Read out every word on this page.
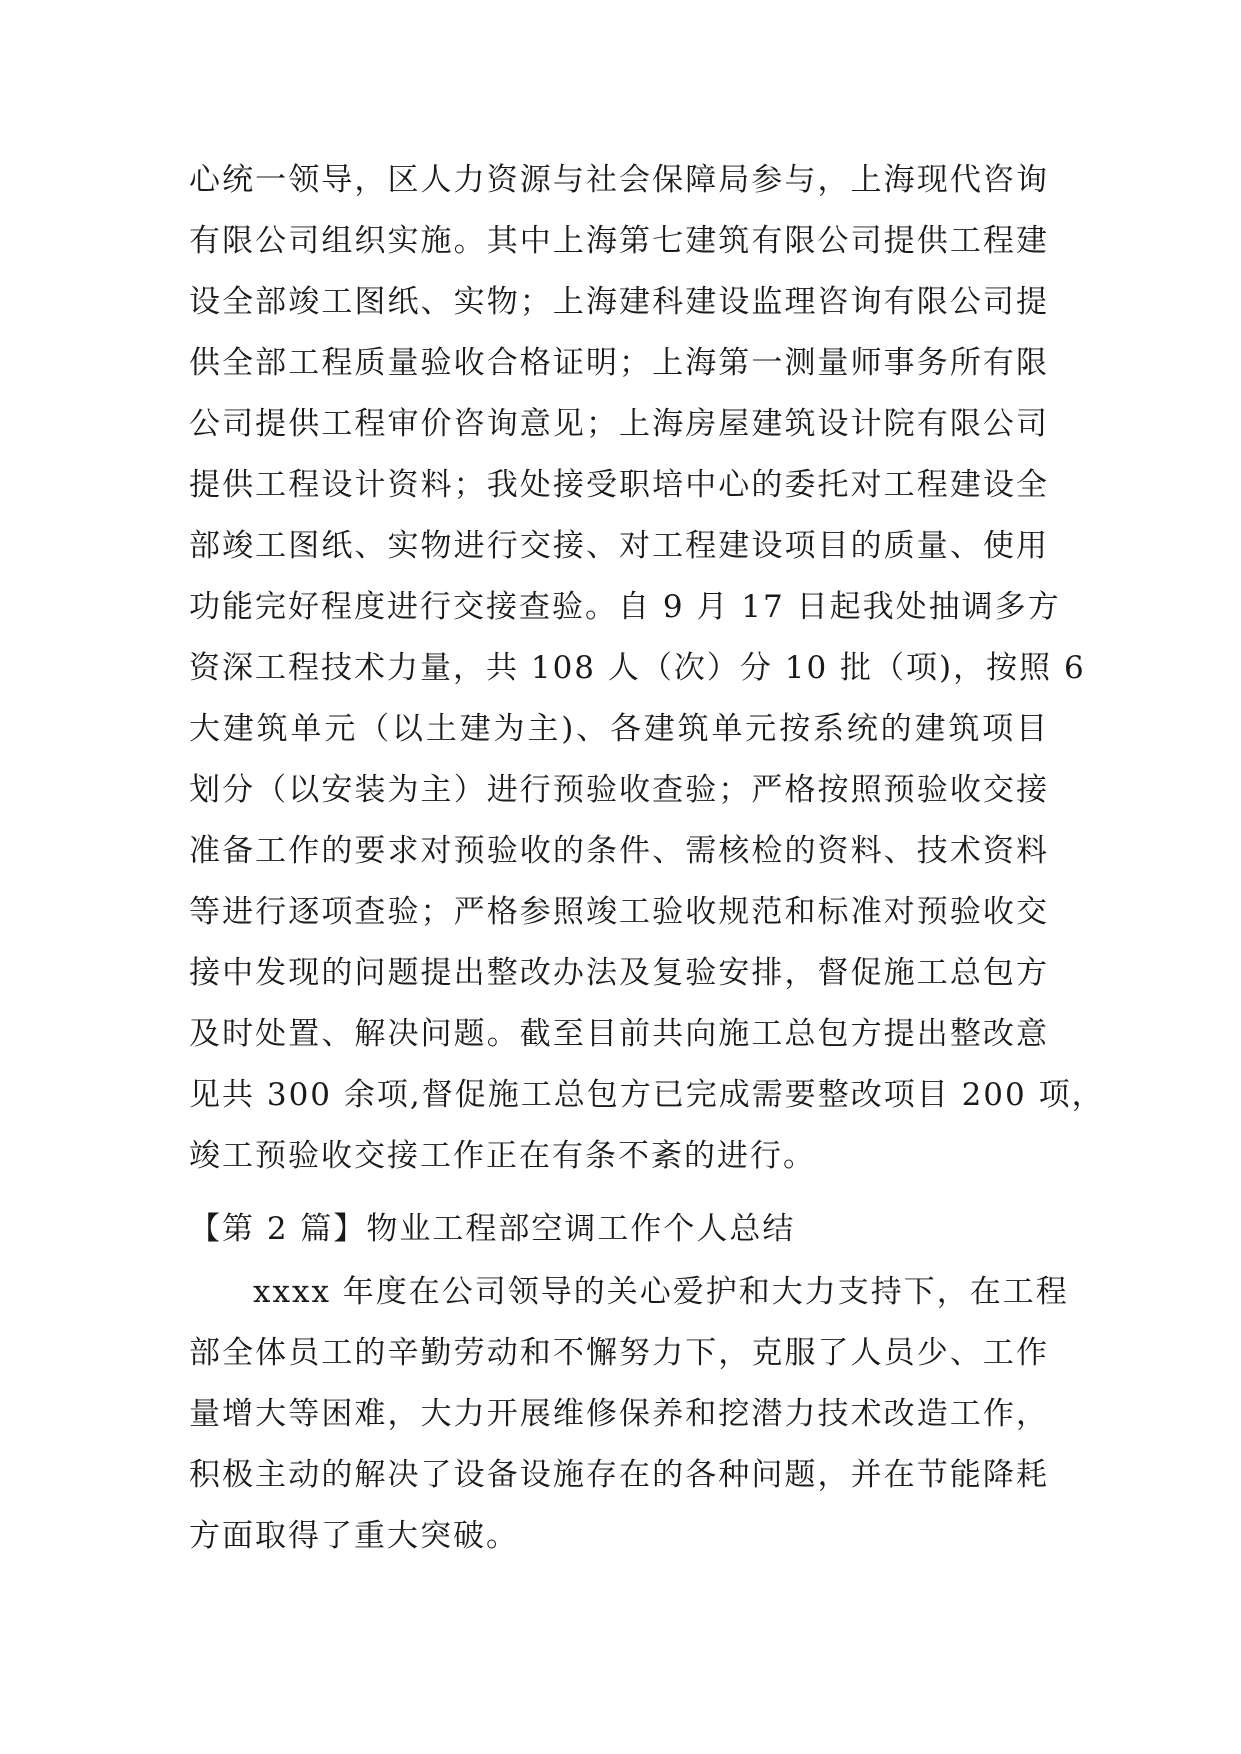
心统一领导，区人力资源与社会保障局参与，上海现代咨询
有限公司组织实施。其中上海第七建筑有限公司提供工程建
设全部竣工图纸、实物；上海建科建设监理咨询有限公司提
供全部工程质量验收合格证明；上海第一测量师事务所有限
公司提供工程审价咨询意见；上海房屋建筑设计院有限公司
提供工程设计资料；我处接受职培中心的委托对工程建设全
部竣工图纸、实物进行交接、对工程建设项目的质量、使用
功能完好程度进行交接查验。自 9 月 17 日起我处抽调多方
资深工程技术力量，共 108 人（次）分 10 批（项)，按照 6
大建筑单元（以土建为主)、各建筑单元按系统的建筑项目
划分（以安装为主）进行预验收查验；严格按照预验收交接
准备工作的要求对预验收的条件、需核检的资料、技术资料
等进行逐项查验；严格参照竣工验收规范和标准对预验收交
接中发现的问题提出整改办法及复验安排，督促施工总包方
及时处置、解决问题。截至目前共向施工总包方提出整改意
见共 300 余项,督促施工总包方已完成需要整改项目 200 项，
竣工预验收交接工作正在有条不紊的进行。
【第 2 篇】物业工程部空调工作个人总结
xxxx 年度在公司领导的关心爱护和大力支持下，在工程
部全体员工的辛勤劳动和不懈努力下，克服了人员少、工作
量增大等困难，大力开展维修保养和挖潜力技术改造工作，
积极主动的解决了设备设施存在的各种问题，并在节能降耗
方面取得了重大突破。
